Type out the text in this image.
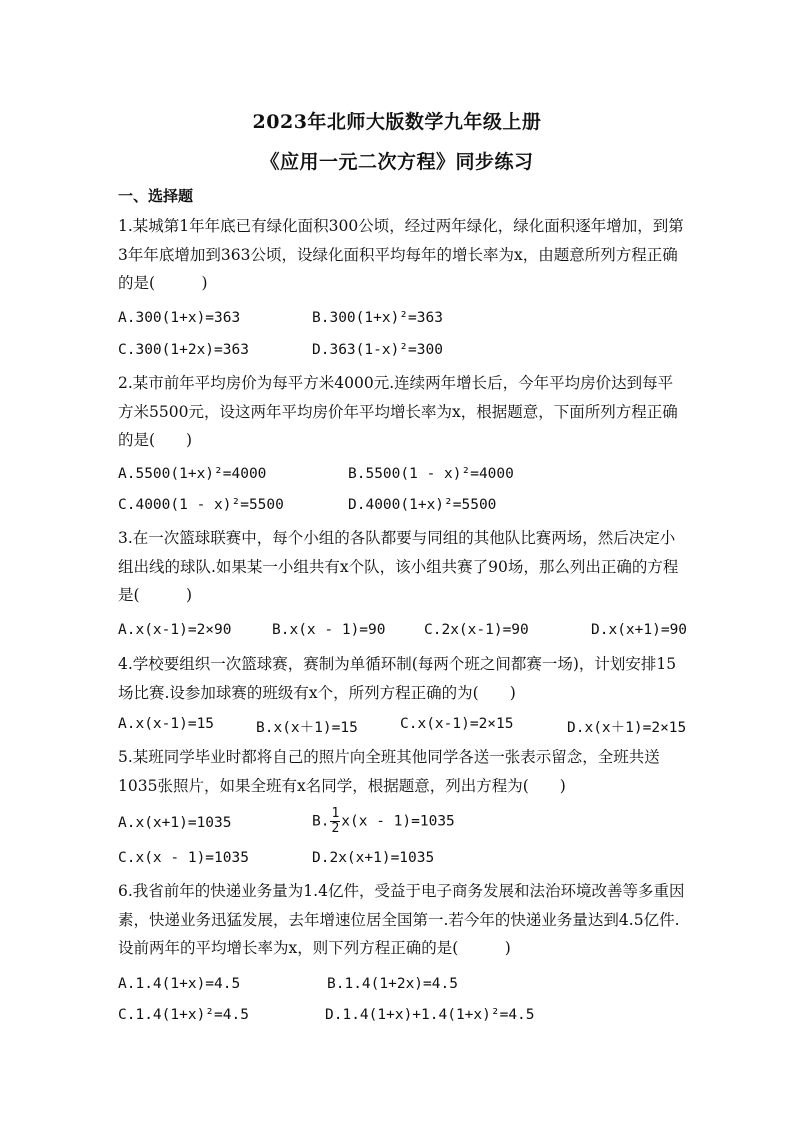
2023年北师大版数学九年级上册
《应用一元二次方程》同步练习
一、选择题

1.某城第1年年底已有绿化面积300公顷，经过两年绿化，绿化面积逐年增加，到第3年年底增加到363公顷，设绿化面积平均每年的增长率为x，由题意所列方程正确的是(　　　)

A.300(1+x)=363	B.300(1+x)²=363
C.300(1+2x)=363	D.363(1-x)²=300

2.某市前年平均房价为每平方米4000元.连续两年增长后，今年平均房价达到每平方米5500元，设这两年平均房价年平均增长率为x，根据题意，下面所列方程正确的是(　　)

A.5500(1+x)²=4000	B.5500(1 - x)²=4000
C.4000(1 - x)²=5500	D.4000(1+x)²=5500

3.在一次篮球联赛中，每个小组的各队都要与同组的其他队比赛两场，然后决定小组出线的球队.如果某一小组共有x个队，该小组共赛了90场，那么列出正确的方程是(　　　)

A.x(x-1)=2×90	B.x(x - 1)=90	C.2x(x-1)=90	D.x(x+1)=90

4.学校要组织一次篮球赛，赛制为单循环制(每两个班之间都赛一场)，计划安排15场比赛.设参加球赛的班级有x个，所列方程正确的为(　　)

A.x(x-1)=15	B.x(x＋1)=15	C.x(x-1)=2×15	D.x(x＋1)=2×15

5.某班同学毕业时都将自己的照片向全班其他同学各送一张表示留念，全班共送1035张照片，如果全班有x名同学，根据题意，列出方程为(　　)

A.x(x+1)=1035	B. $\frac{1}{2} x(x - 1)=1035$
C.x(x - 1)=1035	D.2x(x+1)=1035

6.我省前年的快递业务量为1.4亿件，受益于电子商务发展和法治环境改善等多重因素，快递业务迅猛发展，去年增速位居全国第一.若今年的快递业务量达到4.5亿件.设前两年的平均增长率为x，则下列方程正确的是(　　　)

A.1.4(1+x)=4.5	B.1.4(1+2x)=4.5
C.1.4(1+x)²=4.5	D.1.4(1+x)+1.4(1+x)²=4.5
